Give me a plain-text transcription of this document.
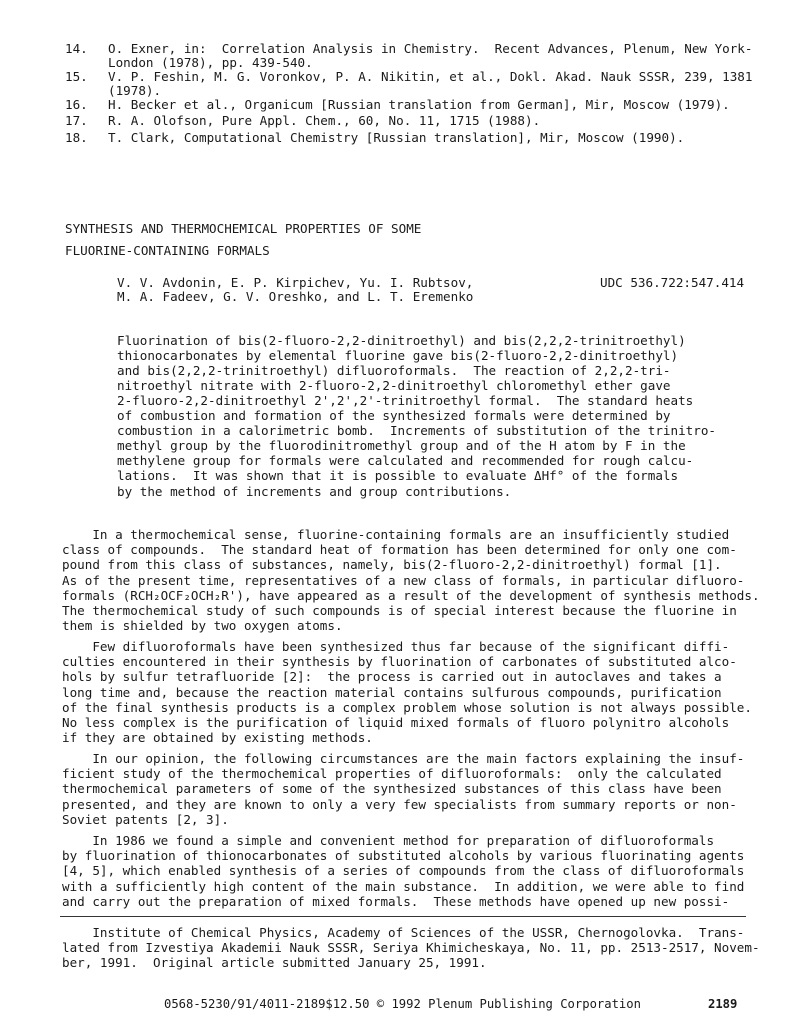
14. O. Exner, in:  Correlation Analysis in Chemistry.  Recent Advances, Plenum, New York-
London (1978), pp. 439-540.
15. V. P. Feshin, M. G. Voronkov, P. A. Nikitin, et al., Dokl. Akad. Nauk SSSR, 239, 1381
(1978).
16. H. Becker et al., Organicum [Russian translation from German], Mir, Moscow (1979).
17. R. A. Olofson, Pure Appl. Chem., 60, No. 11, 1715 (1988).
18. T. Clark, Computational Chemistry [Russian translation], Mir, Moscow (1990).
SYNTHESIS AND THERMOCHEMICAL PROPERTIES OF SOME
FLUORINE-CONTAINING FORMALS
V. V. Avdonin, E. P. Kirpichev, Yu. I. Rubtsov,
M. A. Fadeev, G. V. Oreshko, and L. T. Eremenko
UDC 536.722:547.414
Fluorination of bis(2-fluoro-2,2-dinitroethyl) and bis(2,2,2-trinitroethyl)
thionocarbonates by elemental fluorine gave bis(2-fluoro-2,2-dinitroethyl)
and bis(2,2,2-trinitroethyl) difluoroformals.  The reaction of 2,2,2-tri-
nitroethyl nitrate with 2-fluoro-2,2-dinitroethyl chloromethyl ether gave
2-fluoro-2,2-dinitroethyl 2',2',2'-trinitroethyl formal.  The standard heats
of combustion and formation of the synthesized formals were determined by
combustion in a calorimetric bomb.  Increments of substitution of the trinitro-
methyl group by the fluorodinitromethyl group and of the H atom by F in the
methylene group for formals were calculated and recommended for rough calcu-
lations.  It was shown that it is possible to evaluate ΔHf° of the formals
by the method of increments and group contributions.
In a thermochemical sense, fluorine-containing formals are an insufficiently studied
class of compounds.  The standard heat of formation has been determined for only one com-
pound from this class of substances, namely, bis(2-fluoro-2,2-dinitroethyl) formal [1].
As of the present time, representatives of a new class of formals, in particular difluoro-
formals (RCH₂OCF₂OCH₂R'), have appeared as a result of the development of synthesis methods.
The thermochemical study of such compounds is of special interest because the fluorine in
them is shielded by two oxygen atoms.
Few difluoroformals have been synthesized thus far because of the significant diffi-
culties encountered in their synthesis by fluorination of carbonates of substituted alco-
hols by sulfur tetrafluoride [2]:  the process is carried out in autoclaves and takes a
long time and, because the reaction material contains sulfurous compounds, purification
of the final synthesis products is a complex problem whose solution is not always possible.
No less complex is the purification of liquid mixed formals of fluoro polynitro alcohols
if they are obtained by existing methods.
In our opinion, the following circumstances are the main factors explaining the insuf-
ficient study of the thermochemical properties of difluoroformals:  only the calculated
thermochemical parameters of some of the synthesized substances of this class have been
presented, and they are known to only a very few specialists from summary reports or non-
Soviet patents [2, 3].
In 1986 we found a simple and convenient method for preparation of difluoroformals
by fluorination of thionocarbonates of substituted alcohols by various fluorinating agents
[4, 5], which enabled synthesis of a series of compounds from the class of difluoroformals
with a sufficiently high content of the main substance.  In addition, we were able to find
and carry out the preparation of mixed formals.  These methods have opened up new possi-
Institute of Chemical Physics, Academy of Sciences of the USSR, Chernogolovka.  Trans-
lated from Izvestiya Akademii Nauk SSSR, Seriya Khimicheskaya, No. 11, pp. 2513-2517, Novem-
ber, 1991.  Original article submitted January 25, 1991.
0568-5230/91/4011-2189$12.50 © 1992 Plenum Publishing Corporation	2189
